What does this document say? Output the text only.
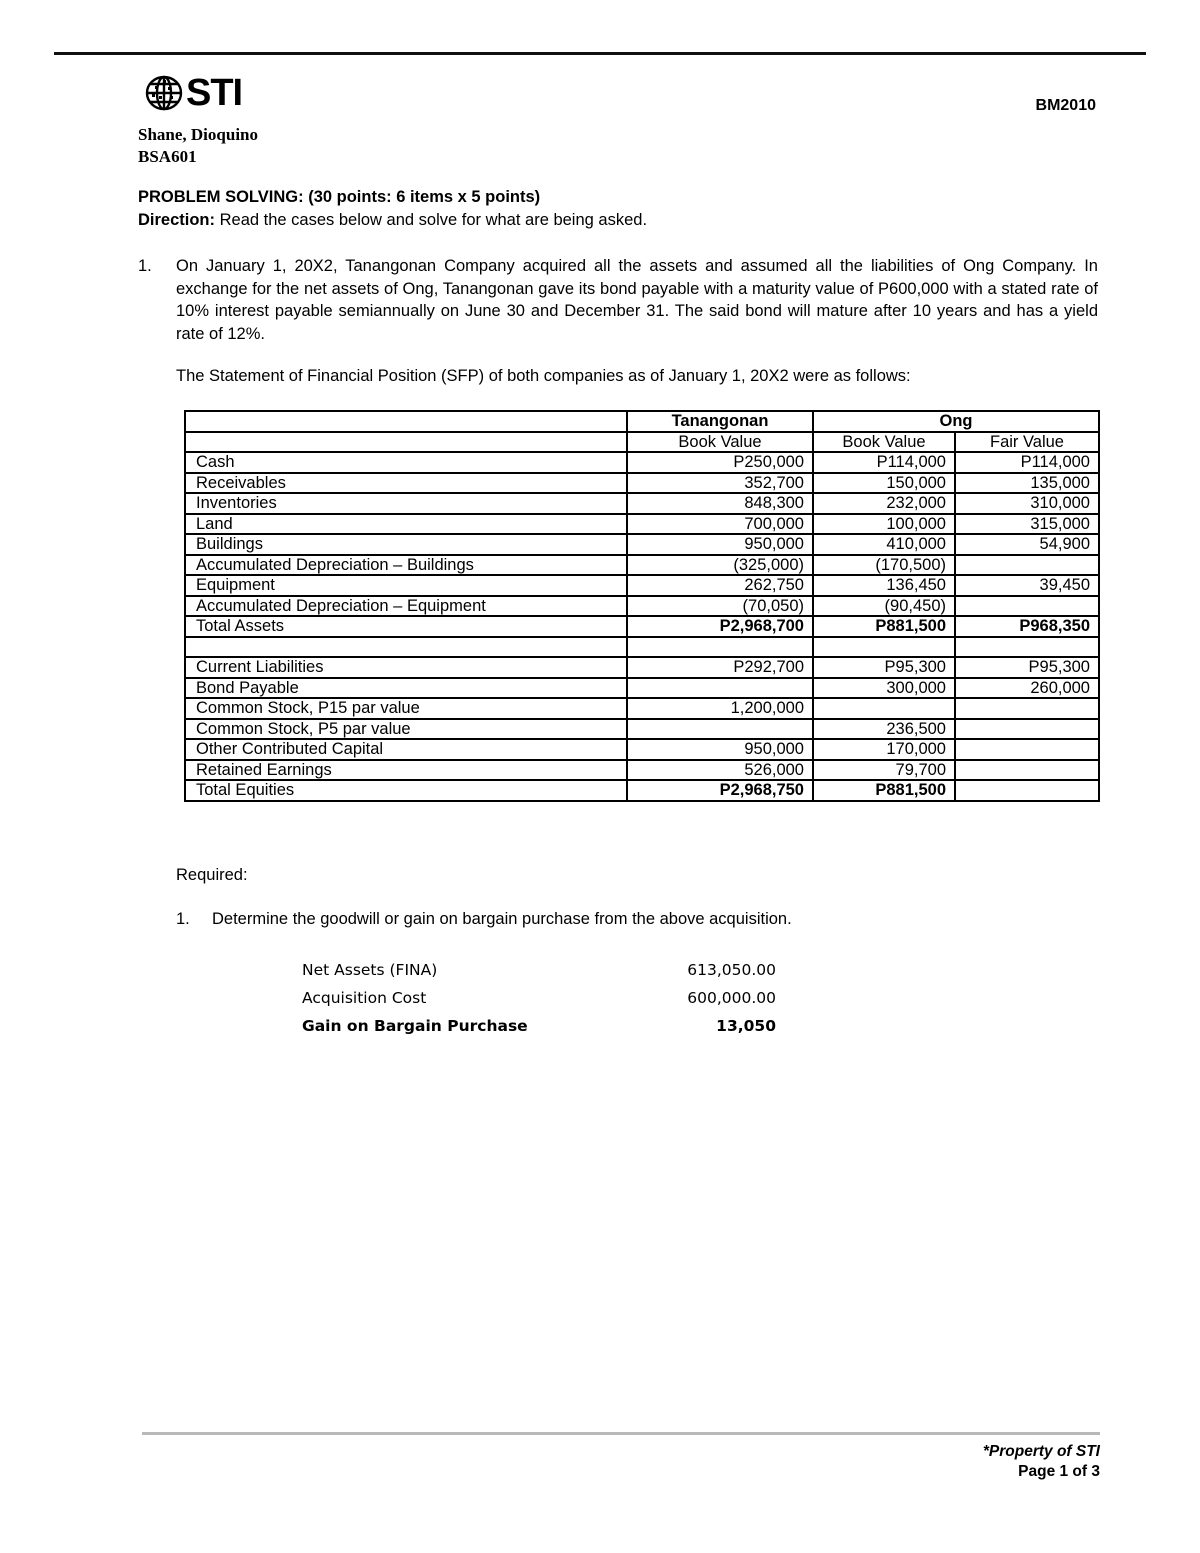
STI	BM2010
Shane, Dioquino
BSA601
PROBLEM SOLVING: (30 points: 6 items x 5 points)
Direction: Read the cases below and solve for what are being asked.
1. On January 1, 20X2, Tanangonan Company acquired all the assets and assumed all the liabilities of Ong Company. In exchange for the net assets of Ong, Tanangonan gave its bond payable with a maturity value of P600,000 with a stated rate of 10% interest payable semiannually on June 30 and December 31. The said bond will mature after 10 years and has a yield rate of 12%.
The Statement of Financial Position (SFP) of both companies as of January 1, 20X2 were as follows:
	Tanangonan	Ong	
	Book Value	Book Value	Fair Value
Cash	P250,000	P114,000	P114,000
Receivables	352,700	150,000	135,000
Inventories	848,300	232,000	310,000
Land	700,000	100,000	315,000
Buildings	950,000	410,000	54,900
Accumulated Depreciation – Buildings	(325,000)	(170,500)	
Equipment	262,750	136,450	39,450
Accumulated Depreciation – Equipment	(70,050)	(90,450)	
Total Assets	P2,968,700	P881,500	P968,350

Current Liabilities	P292,700	P95,300	P95,300
Bond Payable		300,000	260,000
Common Stock, P15 par value	1,200,000		
Common Stock, P5 par value		236,500	
Other Contributed Capital	950,000	170,000	
Retained Earnings	526,000	79,700	
Total Equities	P2,968,750	P881,500	
Required:
1. Determine the goodwill or gain on bargain purchase from the above acquisition.
Net Assets (FINA)	613,050.00
Acquisition Cost	600,000.00
Gain on Bargain Purchase	13,050
*Property of STI
Page 1 of 3
